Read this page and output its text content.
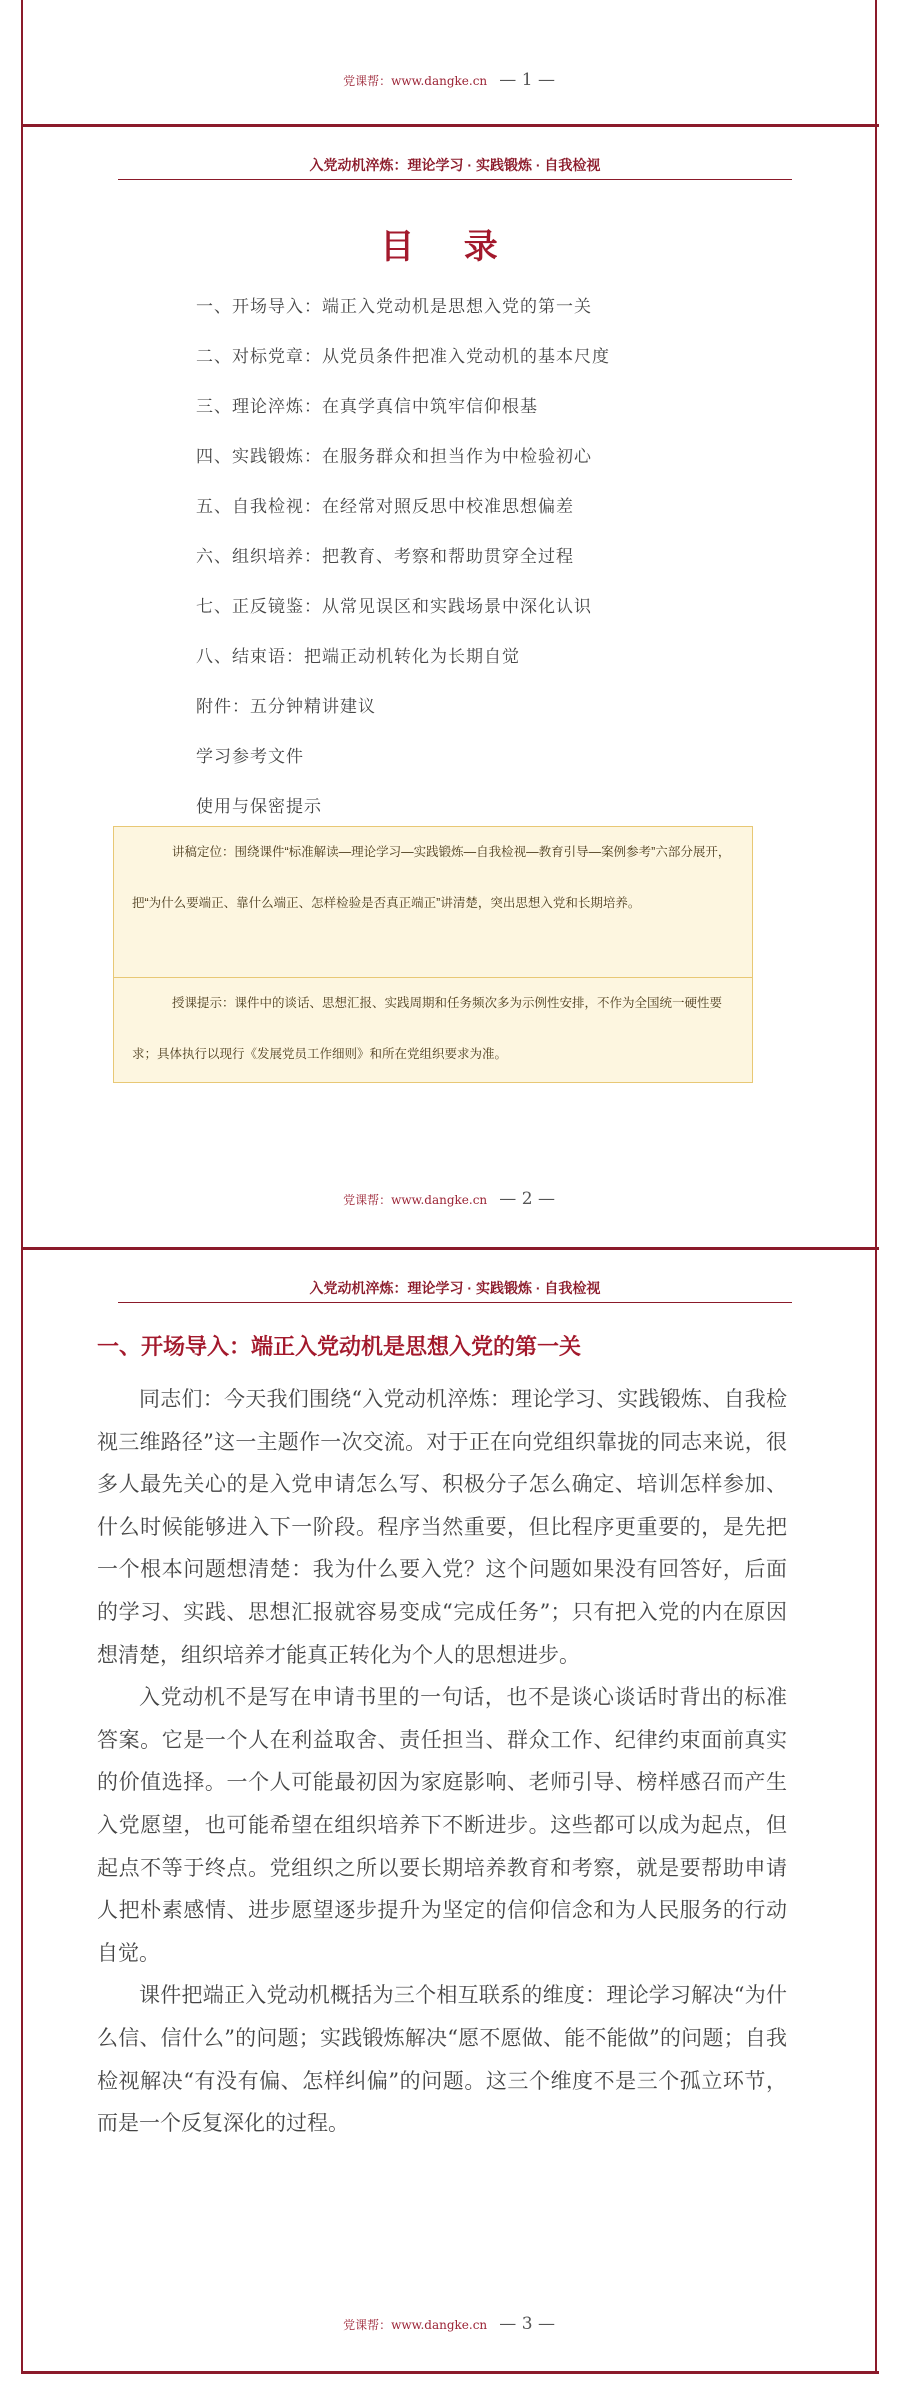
党课帮：www.dangke.cn — 1 —
入党动机淬炼：理论学习 · 实践锻炼 · 自我检视
目 录
一、开场导入：端正入党动机是思想入党的第一关
二、对标党章：从党员条件把准入党动机的基本尺度
三、理论淬炼：在真学真信中筑牢信仰根基
四、实践锻炼：在服务群众和担当作为中检验初心
五、自我检视：在经常对照反思中校准思想偏差
六、组织培养：把教育、考察和帮助贯穿全过程
七、正反镜鉴：从常见误区和实践场景中深化认识
八、结束语：把端正动机转化为长期自觉
附件：五分钟精讲建议
学习参考文件
使用与保密提示
党课帮：www.dangke.cn — 2 —
讲稿定位：围绕课件“标准解读—理论学习—实践锻炼—自我检视—教育引导—案例参考”六部分展开，把“为什么要端正、靠什么端正、怎样检验是否真正端正”讲清楚，突出思想入党和长期培养。
授课提示：课件中的谈话、思想汇报、实践周期和任务频次多为示例性安排，不作为全国统一硬性要求；具体执行以现行《发展党员工作细则》和所在党组织要求为准。
入党动机淬炼：理论学习 · 实践锻炼 · 自我检视
党课帮：www.dangke.cn — 3 —
一、开场导入：端正入党动机是思想入党的第一关

同志们：今天我们围绕“入党动机淬炼：理论学习、实践锻炼、自我检视三维路径”这一主题作一次交流。对于正在向党组织靠拢的同志来说，很多人最先关心的是入党申请怎么写、积极分子怎么确定、培训怎样参加、什么时候能够进入下一阶段。程序当然重要，但比程序更重要的，是先把一个根本问题想清楚：我为什么要入党？这个问题如果没有回答好，后面的学习、实践、思想汇报就容易变成“完成任务”；只有把入党的内在原因想清楚，组织培养才能真正转化为个人的思想进步。

入党动机不是写在申请书里的一句话，也不是谈心谈话时背出的标准答案。它是一个人在利益取舍、责任担当、群众工作、纪律约束面前真实的价值选择。一个人可能最初因为家庭影响、老师引导、榜样感召而产生入党愿望，也可能希望在组织培养下不断进步。这些都可以成为起点，但起点不等于终点。党组织之所以要长期培养教育和考察，就是要帮助申请人把朴素感情、进步愿望逐步提升为坚定的信仰信念和为人民服务的行动自觉。

课件把端正入党动机概括为三个相互联系的维度：理论学习解决“为什么信、信什么”的问题；实践锻炼解决“愿不愿做、能不能做”的问题；自我检视解决“有没有偏、怎样纠偏”的问题。这三个维度不是三个孤立环节，而是一个反复深化的过程。
